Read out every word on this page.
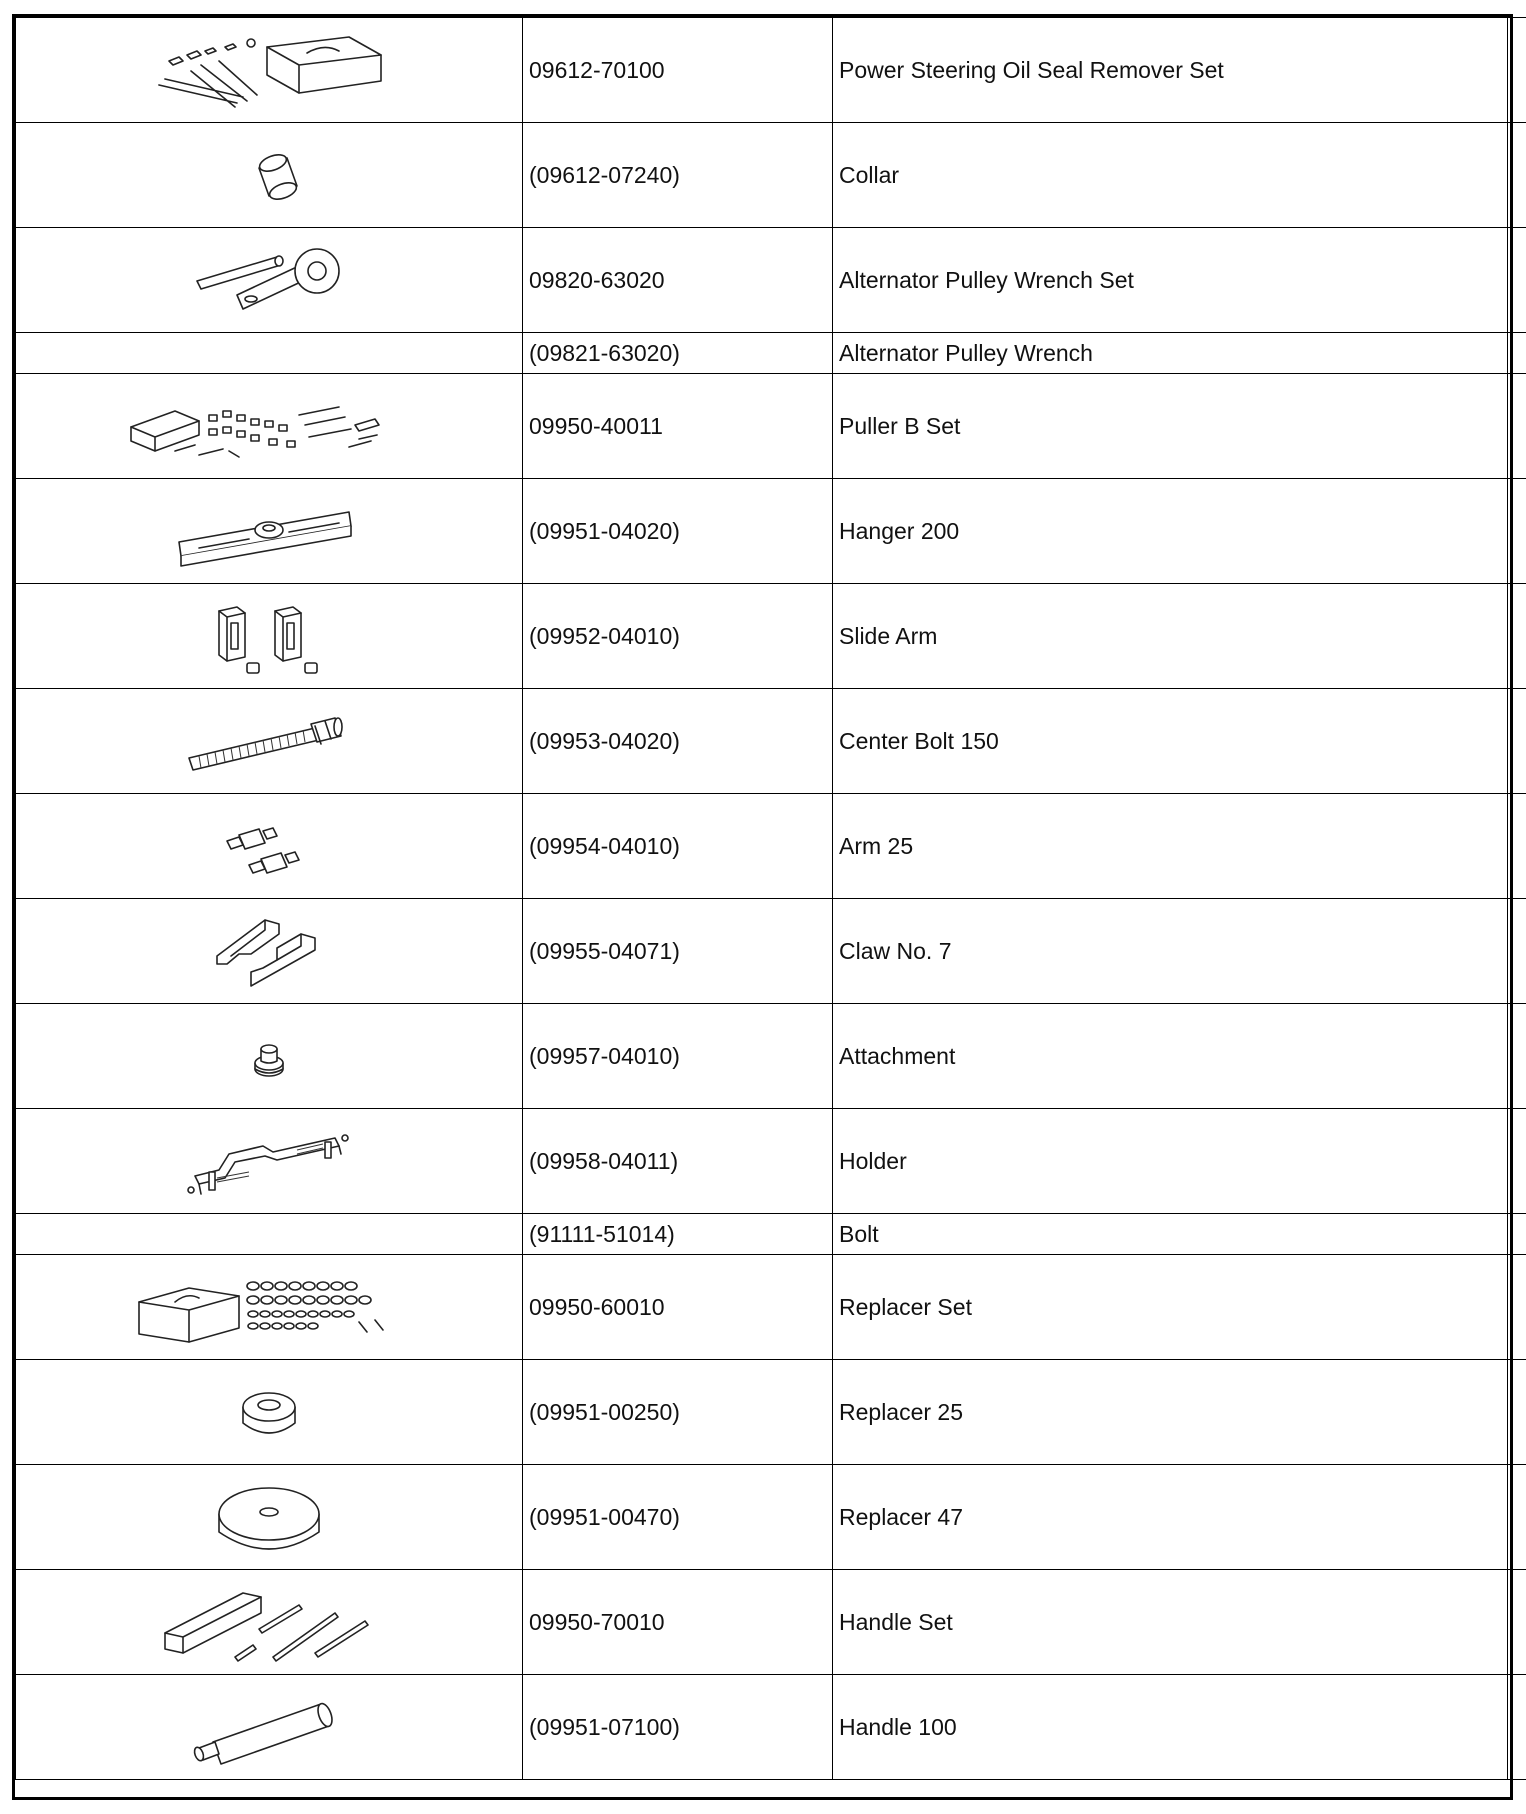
	09612-70100	Power Steering Oil Seal Remover Set	

	(09612-07240)	Collar	

	09820-63020	Alternator Pulley Wrench Set	
	(09821-63020)	Alternator Pulley Wrench	

	09950-40011	Puller B Set	

	(09951-04020)	Hanger 200	

	(09952-04010)	Slide Arm	

	(09953-04020)	Center Bolt 150	

	(09954-04010)	Arm 25	

	(09955-04071)	Claw No. 7	

	(09957-04010)	Attachment	

	(09958-04011)	Holder	
	(91111-51014)	Bolt	

	09950-60010	Replacer Set	

	(09951-00250)	Replacer 25	

	(09951-00470)	Replacer 47	

	09950-70010	Handle Set	

	(09951-07100)	Handle 100	
